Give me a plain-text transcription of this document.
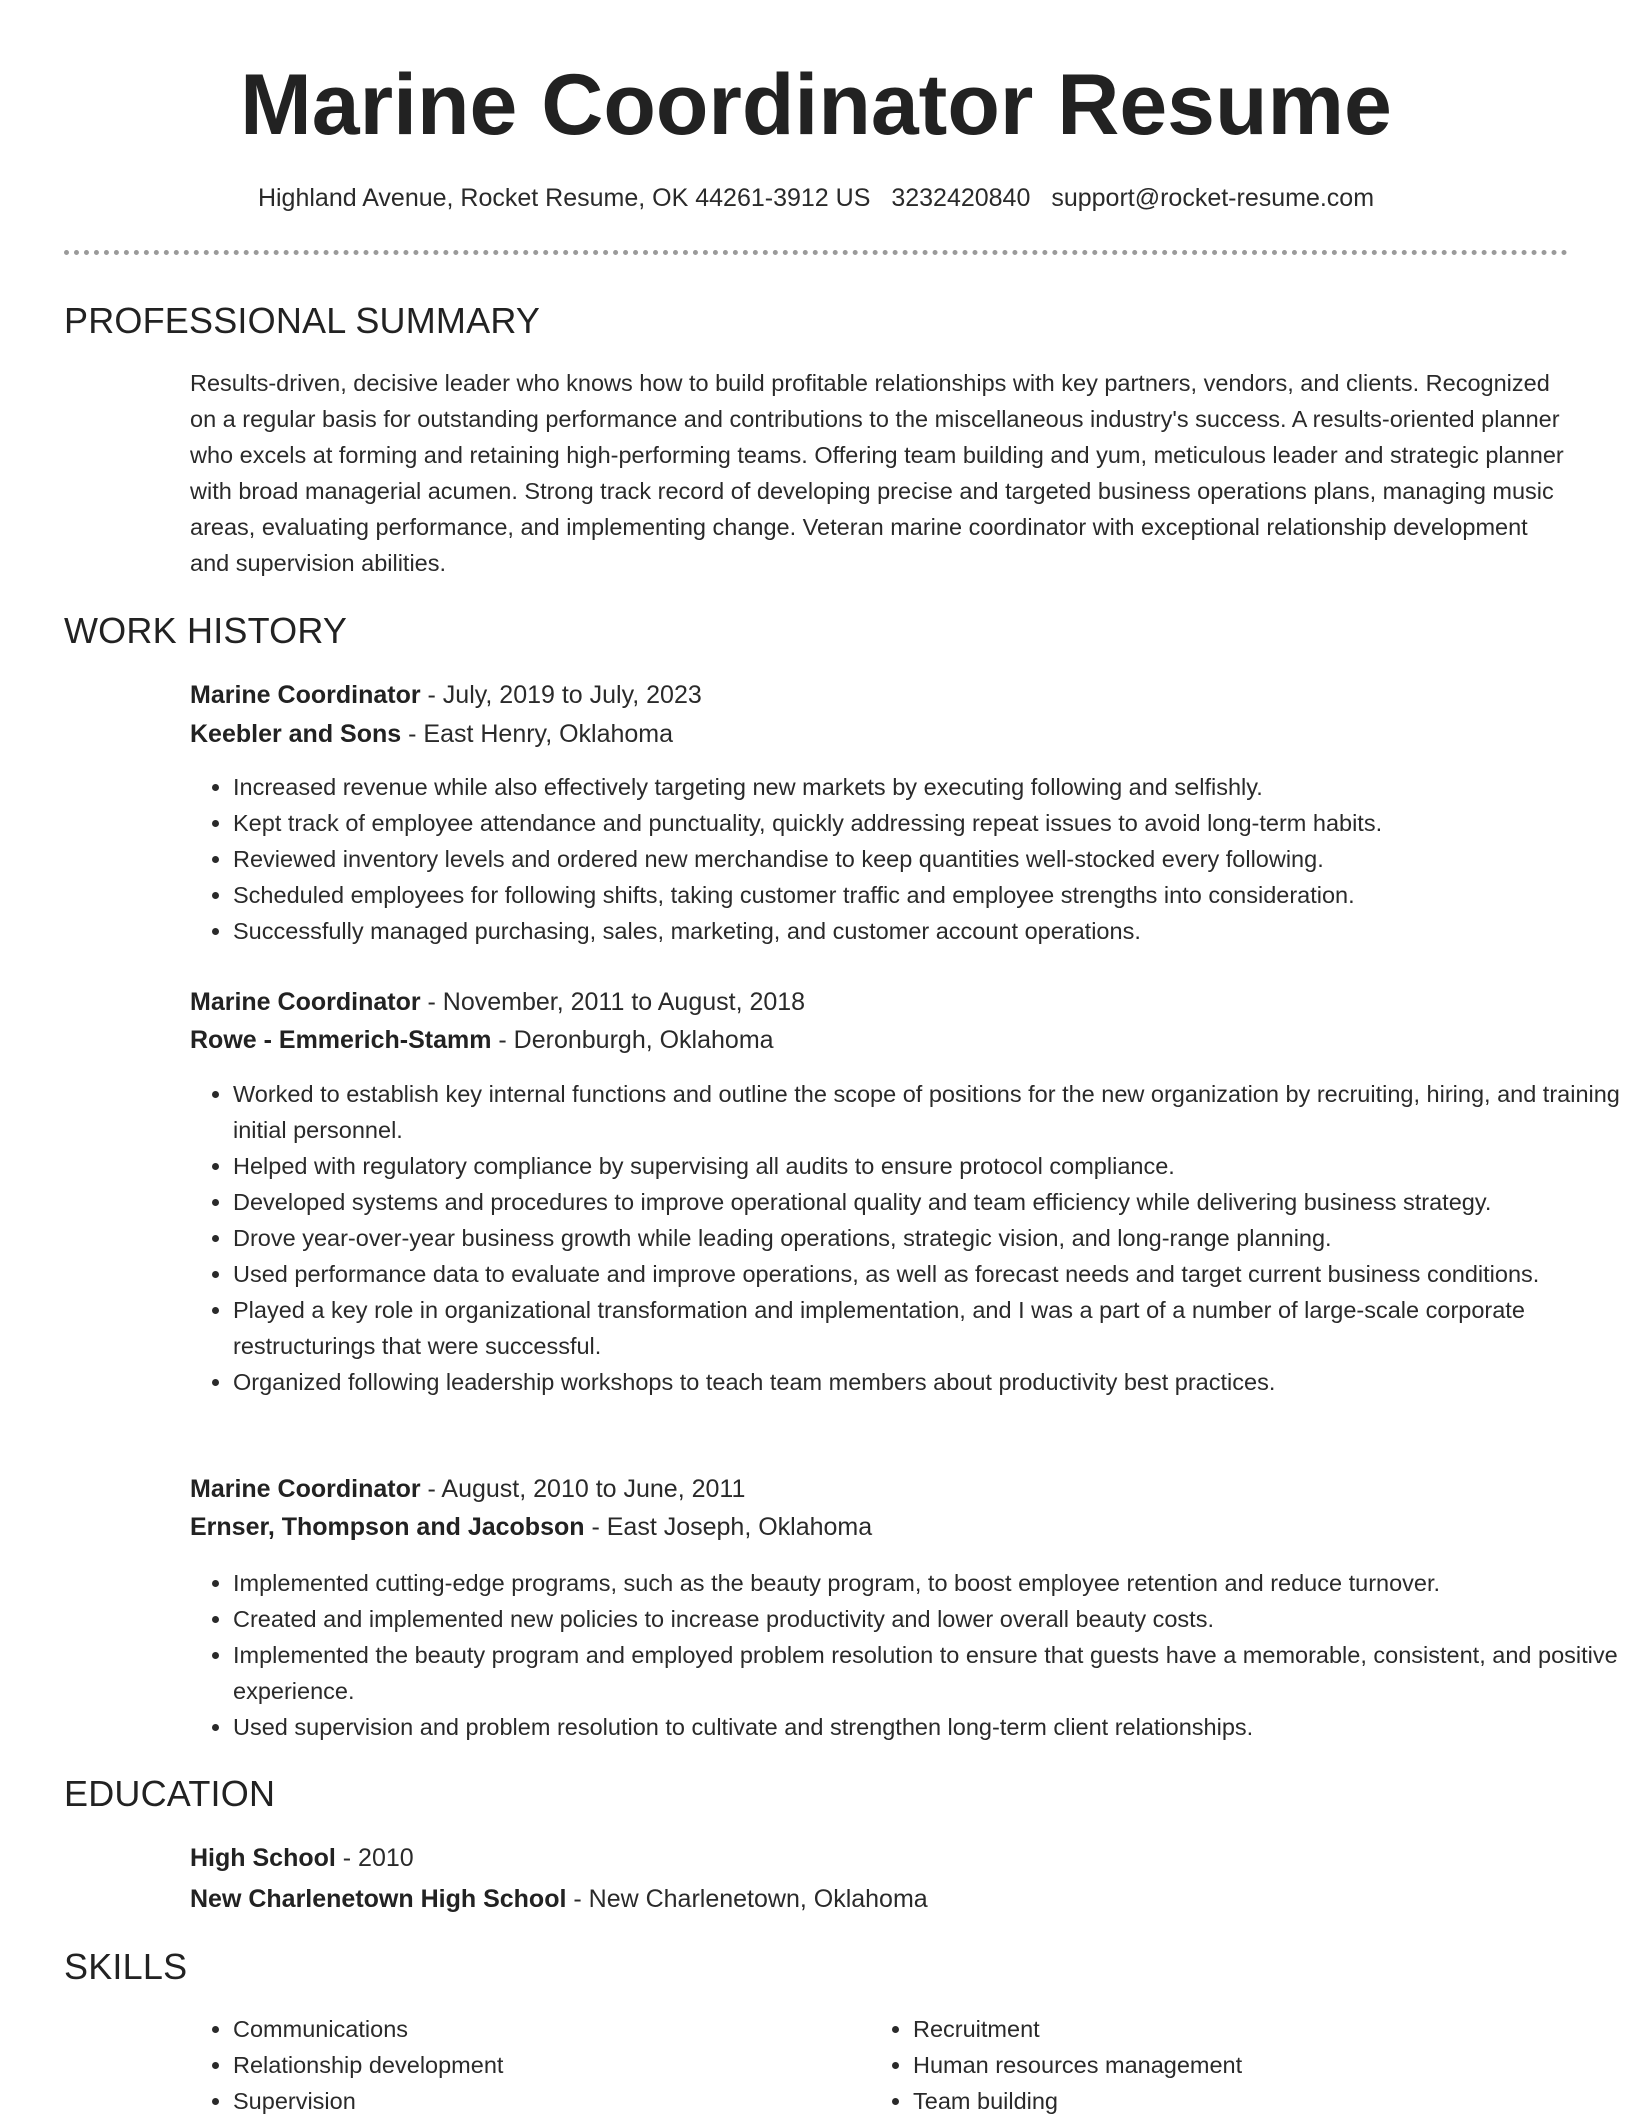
Marine Coordinator Resume
Highland Avenue, Rocket Resume, OK 44261-3912 US 3232420840 support@rocket-resume.com
PROFESSIONAL SUMMARY

Results-driven, decisive leader who knows how to build profitable relationships with key partners, vendors, and clients. Recognized on a regular basis for outstanding performance and contributions to the miscellaneous industry's success. A results-oriented planner who excels at forming and retaining high-performing teams. Offering team building and yum, meticulous leader and strategic planner with broad managerial acumen. Strong track record of developing precise and targeted business operations plans, managing music areas, evaluating performance, and implementing change. Veteran marine coordinator with exceptional relationship development and supervision abilities.

WORK HISTORY
Marine Coordinator - July, 2019 to July, 2023
Keebler and Sons - East Henry, Oklahoma
• Increased revenue while also effectively targeting new markets by executing following and selfishly.
• Kept track of employee attendance and punctuality, quickly addressing repeat issues to avoid long-term habits.
• Reviewed inventory levels and ordered new merchandise to keep quantities well-stocked every following.
• Scheduled employees for following shifts, taking customer traffic and employee strengths into consideration.
• Successfully managed purchasing, sales, marketing, and customer account operations.
Marine Coordinator - November, 2011 to August, 2018
Rowe - Emmerich-Stamm - Deronburgh, Oklahoma
• Worked to establish key internal functions and outline the scope of positions for the new organization by recruiting, hiring, and training initial personnel.
• Helped with regulatory compliance by supervising all audits to ensure protocol compliance.
• Developed systems and procedures to improve operational quality and team efficiency while delivering business strategy.
• Drove year-over-year business growth while leading operations, strategic vision, and long-range planning.
• Used performance data to evaluate and improve operations, as well as forecast needs and target current business conditions.
• Played a key role in organizational transformation and implementation, and I was a part of a number of large-scale corporate restructurings that were successful.
• Organized following leadership workshops to teach team members about productivity best practices.
Marine Coordinator - August, 2010 to June, 2011
Ernser, Thompson and Jacobson - East Joseph, Oklahoma
• Implemented cutting-edge programs, such as the beauty program, to boost employee retention and reduce turnover.
• Created and implemented new policies to increase productivity and lower overall beauty costs.
• Implemented the beauty program and employed problem resolution to ensure that guests have a memorable, consistent, and positive experience.
• Used supervision and problem resolution to cultivate and strengthen long-term client relationships.
EDUCATION
High School - 2010
New Charlenetown High School - New Charlenetown, Oklahoma
SKILLS
• Communications
• Relationship development
• Supervision
• Recruitment
• Human resources management
• Team building
